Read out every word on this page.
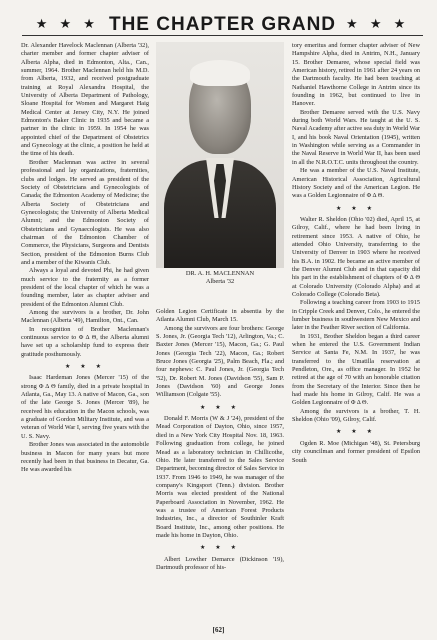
★ ★ ★ THE CHAPTER GRAND ★ ★ ★

Dr. Alexander Havelock Maclennan (Alberta '32), charter member and former chapter adviser of Alberta Alpha, died in Edmonton, Alta., Can., summer, 1964. Brother Maclennan held his M.D. from Alberta, 1932, and received postgraduate training at Royal Alexandra Hospital, the University of Alberta Department of Pathology, Sloane Hospital for Women and Margaret Haig Medical Center at Jersey City, N.Y. He joined Edmonton's Baker Clinic in 1935 and became a partner in the clinic in 1959. In 1954 he was appointed chief of the Department of Obstetrics and Gynecology at the clinic, a position he held at the time of his death.

Brother Maclennan was active in several professional and lay organizations, fraternities, clubs and lodges. He served as president of the Society of Obstetricians and Gynecologists of Canada; the Edmonton Academy of Medicine; the Alberta Society of Obstetricians and Gynecologists; the University of Alberta Medical Alumni; and the Edmonton Society of Obstetricians and Gynaecologists. He was also chairman of the Edmonton Chamber of Commerce, the Physicians, Surgeons and Dentists Section, president of the Edmonton Burns Club and a member of the Kiwanis Club.

Always a loyal and devoted Phi, he had given much service to the fraternity as a former president of the local chapter of which he was a founding member, later as chapter adviser and president of the Edmonton Alumni Club.

Among the survivors is a brother, Dr. John Maclennan (Alberta '49), Hamilton, Ont., Can.

In recognition of Brother Maclennan's continuous service to Φ Δ Θ, the Alberta alumni have set up a scholarship fund to express their gratitude posthumously.

★ ★ ★

Isaac Hardeman Jones (Mercer '15) of the strong Φ Δ Θ family, died in a private hospital in Atlanta, Ga., May 13. A native of Macon, Ga., son of the late George S. Jones (Mercer '89), he received his education in the Macon schools, was a graduate of Gordon Military Institute, and was a veteran of World War I, serving five years with the U. S. Navy.

Brother Jones was associated in the automobile business in Macon for many years but more recently had been in that business in Decatur, Ga. He was awarded his

DR. A. H. MACLENNAN
Alberta '32

Golden Legion Certificate in absentia by the Atlanta Alumni Club, March 15.

Among the survivors are four brothers: George S. Jones, Jr. (Georgia Tech '12), Arlington, Va.; C. Baxter Jones (Mercer '15), Macon, Ga.; G. Paul Jones (Georgia Tech '22), Macon, Ga.; Robert Bruce Jones (Georgia '25), Palm Beach, Fla.; and four nephews: C. Paul Jones, Jr. (Georgia Tech '52), Dr. Robert M. Jones (Davidson '55), Sam P. Jones (Davidson '60) and George Jones Williamson (Colgate '55).

★ ★ ★

Donald F. Morris (W & J '24), president of the Mead Corporation of Dayton, Ohio, since 1957, died in a New York City Hospital Nov. 18, 1963. Following graduation from college, he joined Mead as a laboratory technician in Chillicothe, Ohio. He later transferred to the Sales Service Department, becoming director of Sales Service in 1937. From 1946 to 1949, he was manager of the company's Kingsport (Tenn.) division. Brother Morris was elected president of the National Paperboard Association in November, 1962. He was a trustee of American Forest Products Industries, Inc., a director of Southinler Kraft Board Institute, Inc., among other positions. He made his home in Dayton, Ohio.

★ ★ ★

Albert Lowther Demarce (Dickinson '19), Dartmouth professor of his-

tory emeritus and former chapter adviser of New Hampshire Alpha, died in Antrim, N.H., January 15. Brother Demaree, whose special field was American history, retired in 1961 after 24 years on the Dartmouth faculty. He had been teaching at Nathaniel Hawthorne College in Antrim since its founding in 1962, but continued to live in Hanover.

Brother Demaree served with the U.S. Navy during both World Wars. He taught at the U. S. Naval Academy after active sea duty in World War I, and his book Naval Orientation (1945), written in Washington while serving as a Commander in the Naval Reserve in World War II, has been used in all the N.R.O.T.C. units throughout the country.

He was a member of the U.S. Naval Institute, American Historical Association, Agricultural History Society and of the American Legion. He was a Golden Legionnaire of Φ Δ Θ.

★ ★ ★

Walter R. Sheldon (Ohio '02) died, April 15, at Gilroy, Calif., where he had been living in retirement since 1953. A native of Ohio, he attended Ohio University, transferring to the University of Denver in 1903 where he received his B.A. in 1902. He became an active member of the Denver Alumni Club and in that capacity did his part in the establishment of chapters of Φ Δ Θ at Colorado University (Colorado Alpha) and at Colorado College (Colorado Beta).

Following a teaching career from 1903 to 1915 in Cripple Creek and Denver, Colo., he entered the lumber business in southwestern New Mexico and later in the Feather River section of California.

In 1931, Brother Sheldon began a third career when he entered the U.S. Government Indian Service at Santa Fe, N.M. In 1937, he was transferred to the Umatilla reservation at Pendleton, Ore., as office manager. In 1952 he retired at the age of 70 with an honorable citation from the Secretary of the Interior. Since then he had made his home in Gilroy, Calif. He was a Golden Legionnaire of Φ Δ Θ.

Among the survivors is a brother, T. H. Sheldon (Ohio '09), Gilroy, Calif.

★ ★ ★

Ogden R. Moe (Michigan '48), St. Petersburg city councilman and former president of Epsilon South

[62]
